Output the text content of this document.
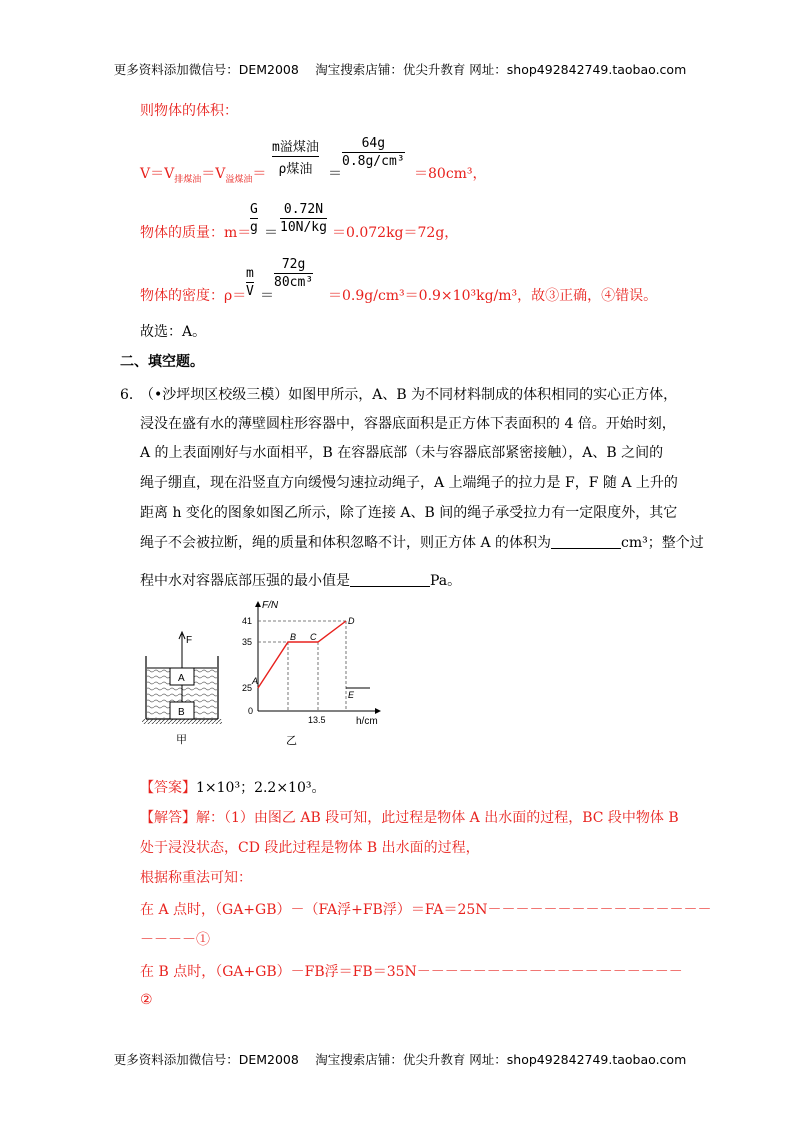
更多资料添加微信号：DEM2008　 淘宝搜索店铺：优尖升教育 网址：shop492842749.taobao.com
则物体的体积：
$V=V_{排煤油}=V_{溢煤油}=$
m溢煤油
ρ煤油	＝
64g
0.8g/cm³
＝80cm³，
物体的质量：m＝
G
g ＝
0.72N
10N/kg ＝0.072kg＝72g，
物体的密度：ρ＝
m
V ＝
72g
80cm³
＝0.9g/cm³＝0.9×10³kg/m³，故③正确，④错误。
故选：A。
二、填空题。
6．
（•沙坪坝区校级三模）如图甲所示，A、B 为不同材料制成的体积相同的实心正方体，
浸没在盛有水的薄壁圆柱形容器中，容器底面积是正方体下表面积的 4 倍。开始时刻，
A 的上表面刚好与水面相平，B 在容器底部（未与容器底部紧密接触），A、B 之间的
绳子绷直，现在沿竖直方向缓慢匀速拉动绳子，A 上端绳子的拉力是 F，F 随 A 上升的
距离 h 变化的图象如图乙所示，除了连接 A、B 间的绳子承受拉力有一定限度外，其它
绳子不会被拉断，绳的质量和体积忽略不计，则正方体 A 的体积为	cm³；整个过
程中水对容器底部压强的最小值是	Pa。
F
A
B
甲
F/N
h/cm
41
35
25
0
13.5
A
B C
D
E
乙
【答案】1×10³；2.2×10³。
【解答】解：（1）由图乙 AB 段可知，此过程是物体 A 出水面的过程，BC 段中物体 B
处于浸没状态，CD 段此过程是物体 B 出水面的过程，
根据称重法可知：
在 A 点时，（GA+GB）－（FA浮+FB浮）＝FA＝25N－－－－－－－－－－－－－－－－
－－－－①
在 B 点时，（GA+GB）－FB浮＝FB＝35N－－－－－－－－－－－－－－－－－－－
②
更多资料添加微信号：DEM2008　 淘宝搜索店铺：优尖升教育 网址：shop492842749.taobao.com
